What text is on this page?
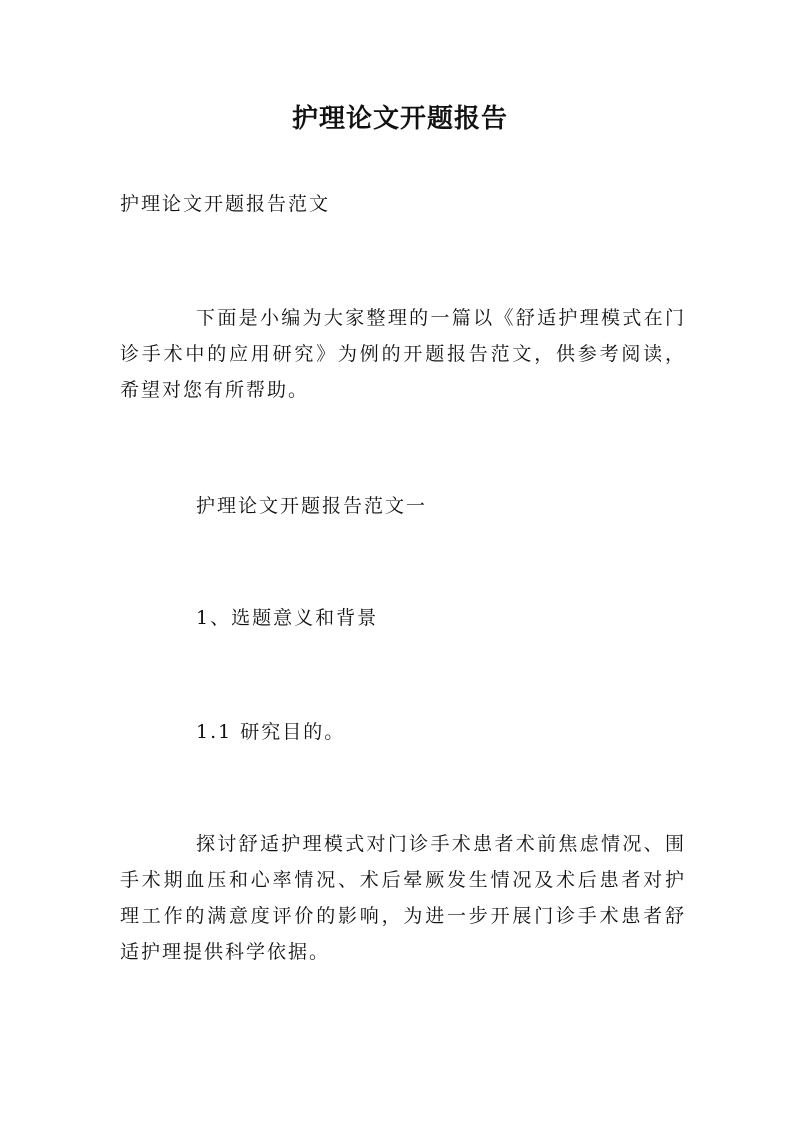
护理论文开题报告
护理论文开题报告范文
下面是小编为大家整理的一篇以《舒适护理模式在门诊手术中的应用研究》为例的开题报告范文，供参考阅读，希望对您有所帮助。
护理论文开题报告范文一
1、选题意义和背景
1.1 研究目的。
探讨舒适护理模式对门诊手术患者术前焦虑情况、围手术期血压和心率情况、术后晕厥发生情况及术后患者对护理工作的满意度评价的影响，为进一步开展门诊手术患者舒适护理提供科学依据。
